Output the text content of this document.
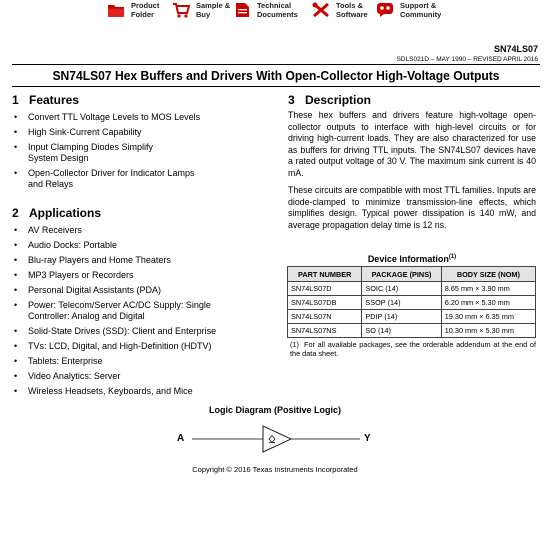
Product
Folder
Sample &
Buy
Technical
Documents
Tools &
Software
Support &
Community
SN74LS07
SDLS021D – MAY 1990 – REVISED APRIL 2016
SN74LS07 Hex Buffers and Drivers With Open-Collector High-Voltage Outputs
1 Features
• Convert TTL Voltage Levels to MOS Levels
• High Sink-Current Capability
• Input Clamping Diodes Simplify
System Design
• Open-Collector Driver for Indicator Lamps
and Relays
2 Applications
• AV Receivers
• Audio Docks: Portable
• Blu-ray Players and Home Theaters
• MP3 Players or Recorders
• Personal Digital Assistants (PDA)
• Power: Telecom/Server AC/DC Supply: Single
Controller: Analog and Digital
• Solid-State Drives (SSD): Client and Enterprise
• TVs: LCD, Digital, and High-Definition (HDTV)
• Tablets: Enterprise
• Video Analytics: Server
• Wireless Headsets, Keyboards, and Mice
3 Description
These hex buffers and drivers feature high-voltage open-collector outputs to interface with high-level circuits or for driving high-current loads. They are also characterized for use as buffers for driving TTL inputs. The SN74LS07 devices have a rated output voltage of 30 V. The maximum sink current is 40 mA.
These circuits are compatible with most TTL families. Inputs are diode-clamped to minimize transmission-line effects, which simplifies design. Typical power dissipation is 140 mW, and average propagation delay time is 12 ns.
Device Information$^{(1)}$
PART NUMBER	PACKAGE (PINS)	BODY SIZE (NOM)
SN74LS07D	SOIC (14)	8.65 mm × 3.90 mm
SN74LS07DB	SSOP (14)	6.20 mm × 5.30 mm
SN74LS07N	PDIP (14)	19.30 mm × 6.35 mm
SN74LS07NS	SO (14)	10.30 mm × 5.30 mm
(1) For all available packages, see the orderable addendum at the end of the data sheet.
Logic Diagram (Positive Logic)
A	Y
Copyright © 2016 Texas Instruments Incorporated
